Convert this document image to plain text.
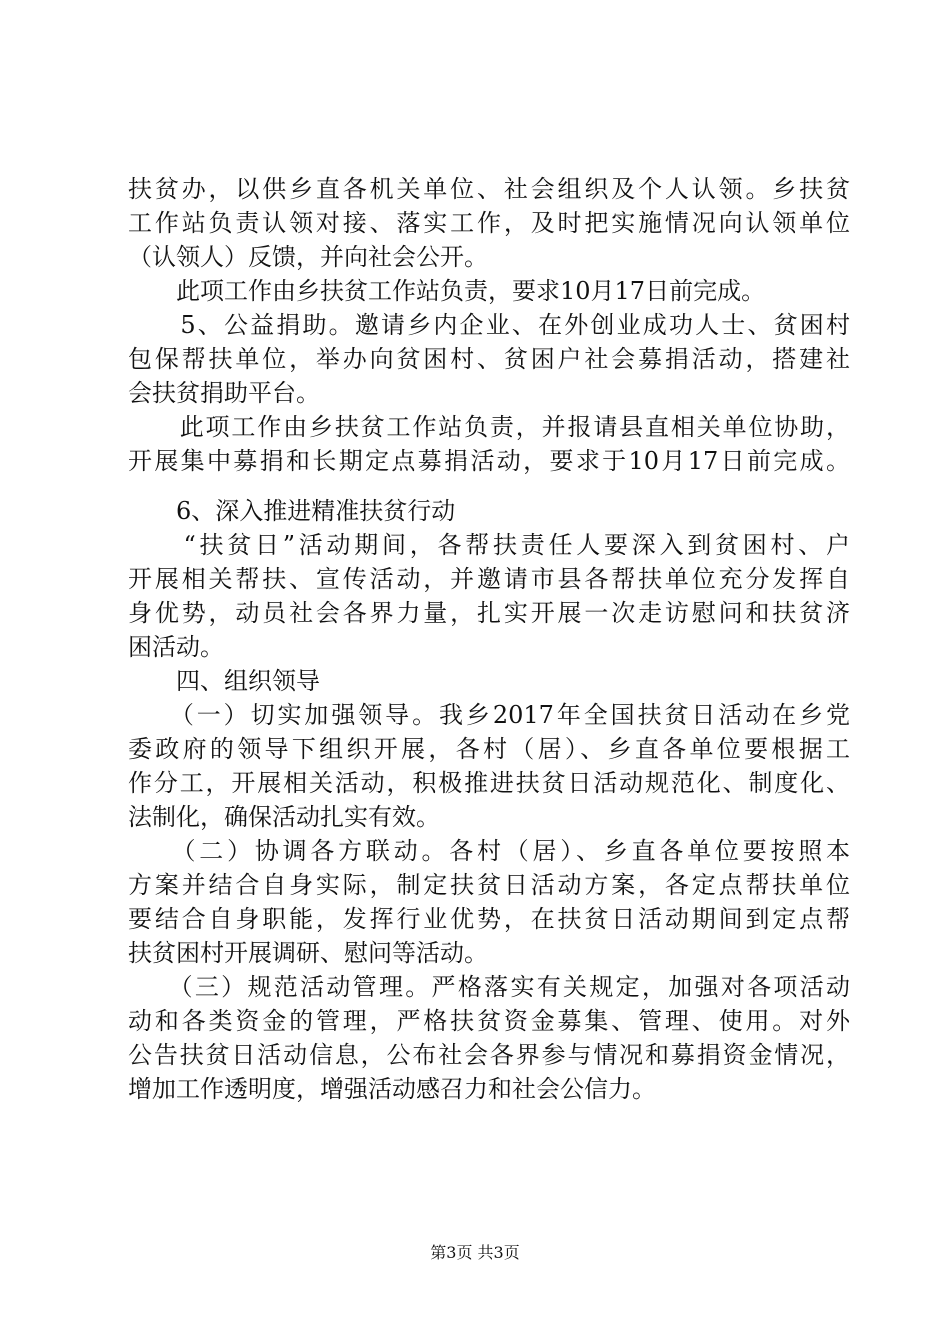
扶贫办，以供乡直各机关单位、社会组织及个人认领。乡扶贫
工作站负责认领对接、落实工作，及时把实施情况向认领单位
（认领人）反馈，并向社会公开。
　　此项工作由乡扶贫工作站负责，要求10月17日前完成。
　　5、公益捐助。邀请乡内企业、在外创业成功人士、贫困村
包保帮扶单位，举办向贫困村、贫困户社会募捐活动，搭建社
会扶贫捐助平台。
　　此项工作由乡扶贫工作站负责，并报请县直相关单位协助，
开展集中募捐和长期定点募捐活动，要求于10月17日前完成。
　　6、深入推进精准扶贫行动
　　“扶贫日”活动期间，各帮扶责任人要深入到贫困村、户
开展相关帮扶、宣传活动，并邀请市县各帮扶单位充分发挥自
身优势，动员社会各界力量，扎实开展一次走访慰问和扶贫济
困活动。
　　四、组织领导
　　（一）切实加强领导。我乡2017年全国扶贫日活动在乡党
委政府的领导下组织开展，各村（居）、乡直各单位要根据工
作分工，开展相关活动，积极推进扶贫日活动规范化、制度化、
法制化，确保活动扎实有效。
　　（二）协调各方联动。各村（居）、乡直各单位要按照本
方案并结合自身实际，制定扶贫日活动方案，各定点帮扶单位
要结合自身职能，发挥行业优势，在扶贫日活动期间到定点帮
扶贫困村开展调研、慰问等活动。
　　（三）规范活动管理。严格落实有关规定，加强对各项活动
动和各类资金的管理，严格扶贫资金募集、管理、使用。对外
公告扶贫日活动信息，公布社会各界参与情况和募捐资金情况，
增加工作透明度，增强活动感召力和社会公信力。
第3页 共3页
